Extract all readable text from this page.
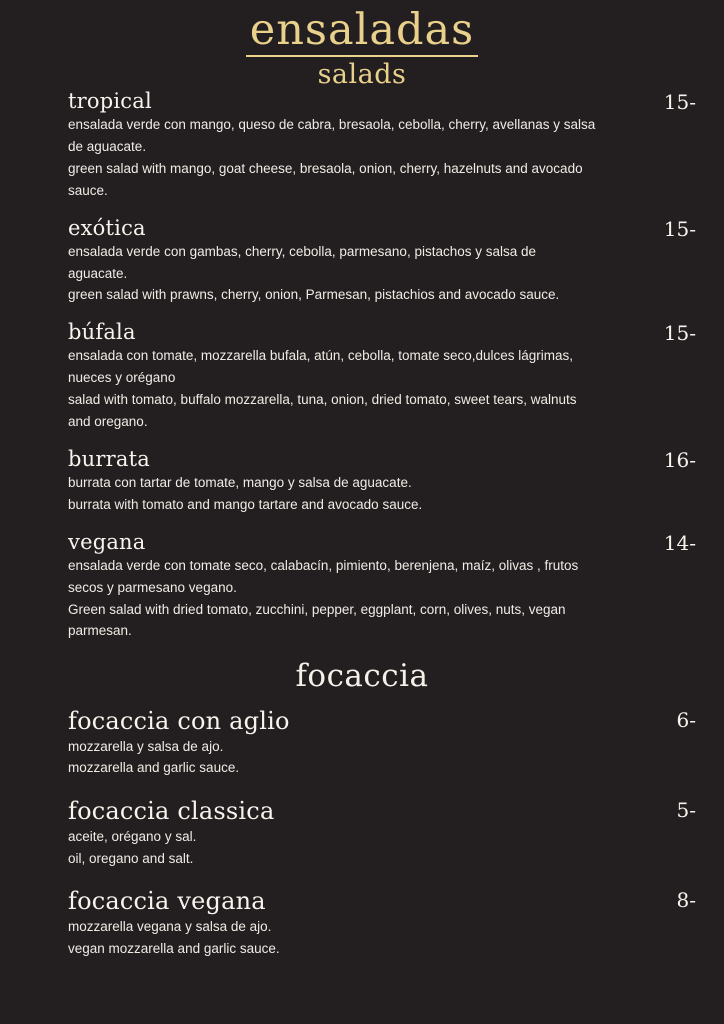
ensaladas
salads
15-
tropical
ensalada verde con mango, queso de cabra, bresaola, cebolla, cherry, avellanas y salsa de aguacate.
green salad with mango, goat cheese, bresaola, onion, cherry, hazelnuts and avocado sauce.
15-
exótica
ensalada verde con gambas, cherry, cebolla, parmesano, pistachos y salsa de aguacate.
green salad with prawns, cherry, onion, Parmesan, pistachios and avocado sauce.
15-
búfala
ensalada con tomate, mozzarella bufala, atún, cebolla, tomate seco,dulces lágrimas, nueces y orégano
salad with tomato, buffalo mozzarella, tuna, onion, dried tomato, sweet tears, walnuts and oregano.
16-
burrata
burrata con tartar de tomate, mango y salsa de aguacate.
burrata with tomato and mango tartare and avocado sauce.
14-
vegana
ensalada verde con tomate seco, calabacín, pimiento, berenjena, maíz, olivas , frutos secos y parmesano vegano.
Green salad with dried tomato, zucchini, pepper, eggplant, corn, olives, nuts, vegan parmesan.
focaccia
6-
focaccia con aglio
mozzarella y salsa de ajo.
mozzarella and garlic sauce.
5-
focaccia classica
aceite, orégano y sal.
oil, oregano and salt.
8-
focaccia vegana
mozzarella vegana y salsa de ajo.
vegan mozzarella and garlic sauce.
